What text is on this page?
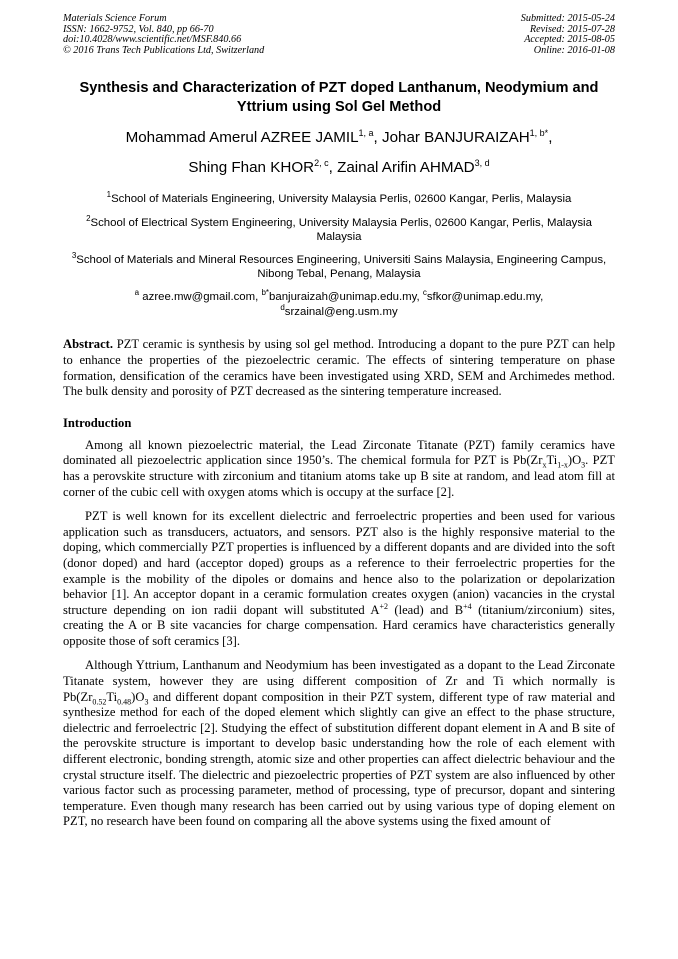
Materials Science Forum
ISSN: 1662-9752, Vol. 840, pp 66-70
doi:10.4028/www.scientific.net/MSF.840.66
© 2016 Trans Tech Publications Ltd, Switzerland
Submitted: 2015-05-24
Revised: 2015-07-28
Accepted: 2015-08-05
Online: 2016-01-08
Synthesis and Characterization of PZT doped Lanthanum, Neodymium and Yttrium using Sol Gel Method
Mohammad Amerul AZREE JAMIL$^{1, a}$, Johar $BANJURAIZAH^{1, b*}$,
Shing Fhan KHOR$^{2, c}$, Zainal Arifin AHMAD$^{3, d}$
$^1$School of Materials Engineering, University Malaysia Perlis, 02600 Kangar, Perlis, Malaysia
$^2$School of Electrical System Engineering, University Malaysia Perlis, 02600 Kangar, Perlis, Malaysia Malaysia
$^3$School of Materials and Mineral Resources Engineering, Universiti Sains Malaysia, Engineering Campus, Nibong Tebal, Penang, Malaysia
$^a$ azree.mw@gmail.com, $^{b*}$banjuraizah@unimap.edu.my, $^c$sfkor@unimap.edu.my,
$^d$srzainal@eng.usm.my
Abstract. PZT ceramic is synthesis by using sol gel method. Introducing a dopant to the pure PZT can help to enhance the properties of the piezoelectric ceramic. The effects of sintering temperature on phase formation, densification of the ceramics have been investigated using XRD, SEM and Archimedes method. The bulk density and porosity of PZT decreased as the sintering temperature increased.
Introduction

Among all known piezoelectric material, the Lead Zirconate Titanate (PZT) family ceramics have dominated all piezoelectric application since 1950’s. The chemical formula for PZT is $Pb(Zr_xTi_{1-x})O_3$. PZT has a perovskite structure with zirconium and titanium atoms take up B site at random, and lead atom fill at corner of the cubic cell with oxygen atoms which is occupy at the surface [2].

PZT is well known for its excellent dielectric and ferroelectric properties and been used for various application such as transducers, actuators, and sensors. PZT also is the highly responsive material to the doping, which commercially PZT properties is influenced by a different dopants and are divided into the soft (donor doped) and hard (acceptor doped) groups as a reference to their ferroelectric properties for the example is the mobility of the dipoles or domains and hence also to the polarization or depolarization behavior [1]. An acceptor dopant in a ceramic formulation creates oxygen (anion) vacancies in the crystal structure depending on ion radii dopant will substituted $A^{+2}$ (lead) and $B^{+4}$ (titanium/zirconium) sites, creating the A or B site vacancies for charge compensation. Hard ceramics have characteristics generally opposite those of soft ceramics [3].

Although Yttrium, Lanthanum and Neodymium has been investigated as a dopant to the Lead Zirconate Titanate system, however they are using different composition of Zr and Ti which normally is $Pb(Zr_{0.52}Ti_{0.48})O_3$ and different dopant composition in their PZT system, different type of raw material and synthesize method for each of the doped element which slightly can give an effect to the phase structure, dielectric and ferroelectric [2]. Studying the effect of substitution different dopant element in A and B site of the perovskite structure is important to develop basic understanding how the role of each element with different electronic, bonding strength, atomic size and other properties can affect dielectric behaviour and the crystal structure itself. The dielectric and piezoelectric properties of PZT system are also influenced by other various factor such as processing parameter, method of processing, type of precursor, dopant and sintering temperature. Even though many research has been carried out by using various type of doping element on PZT, no research have been found on comparing all the above systems using the fixed amount of
